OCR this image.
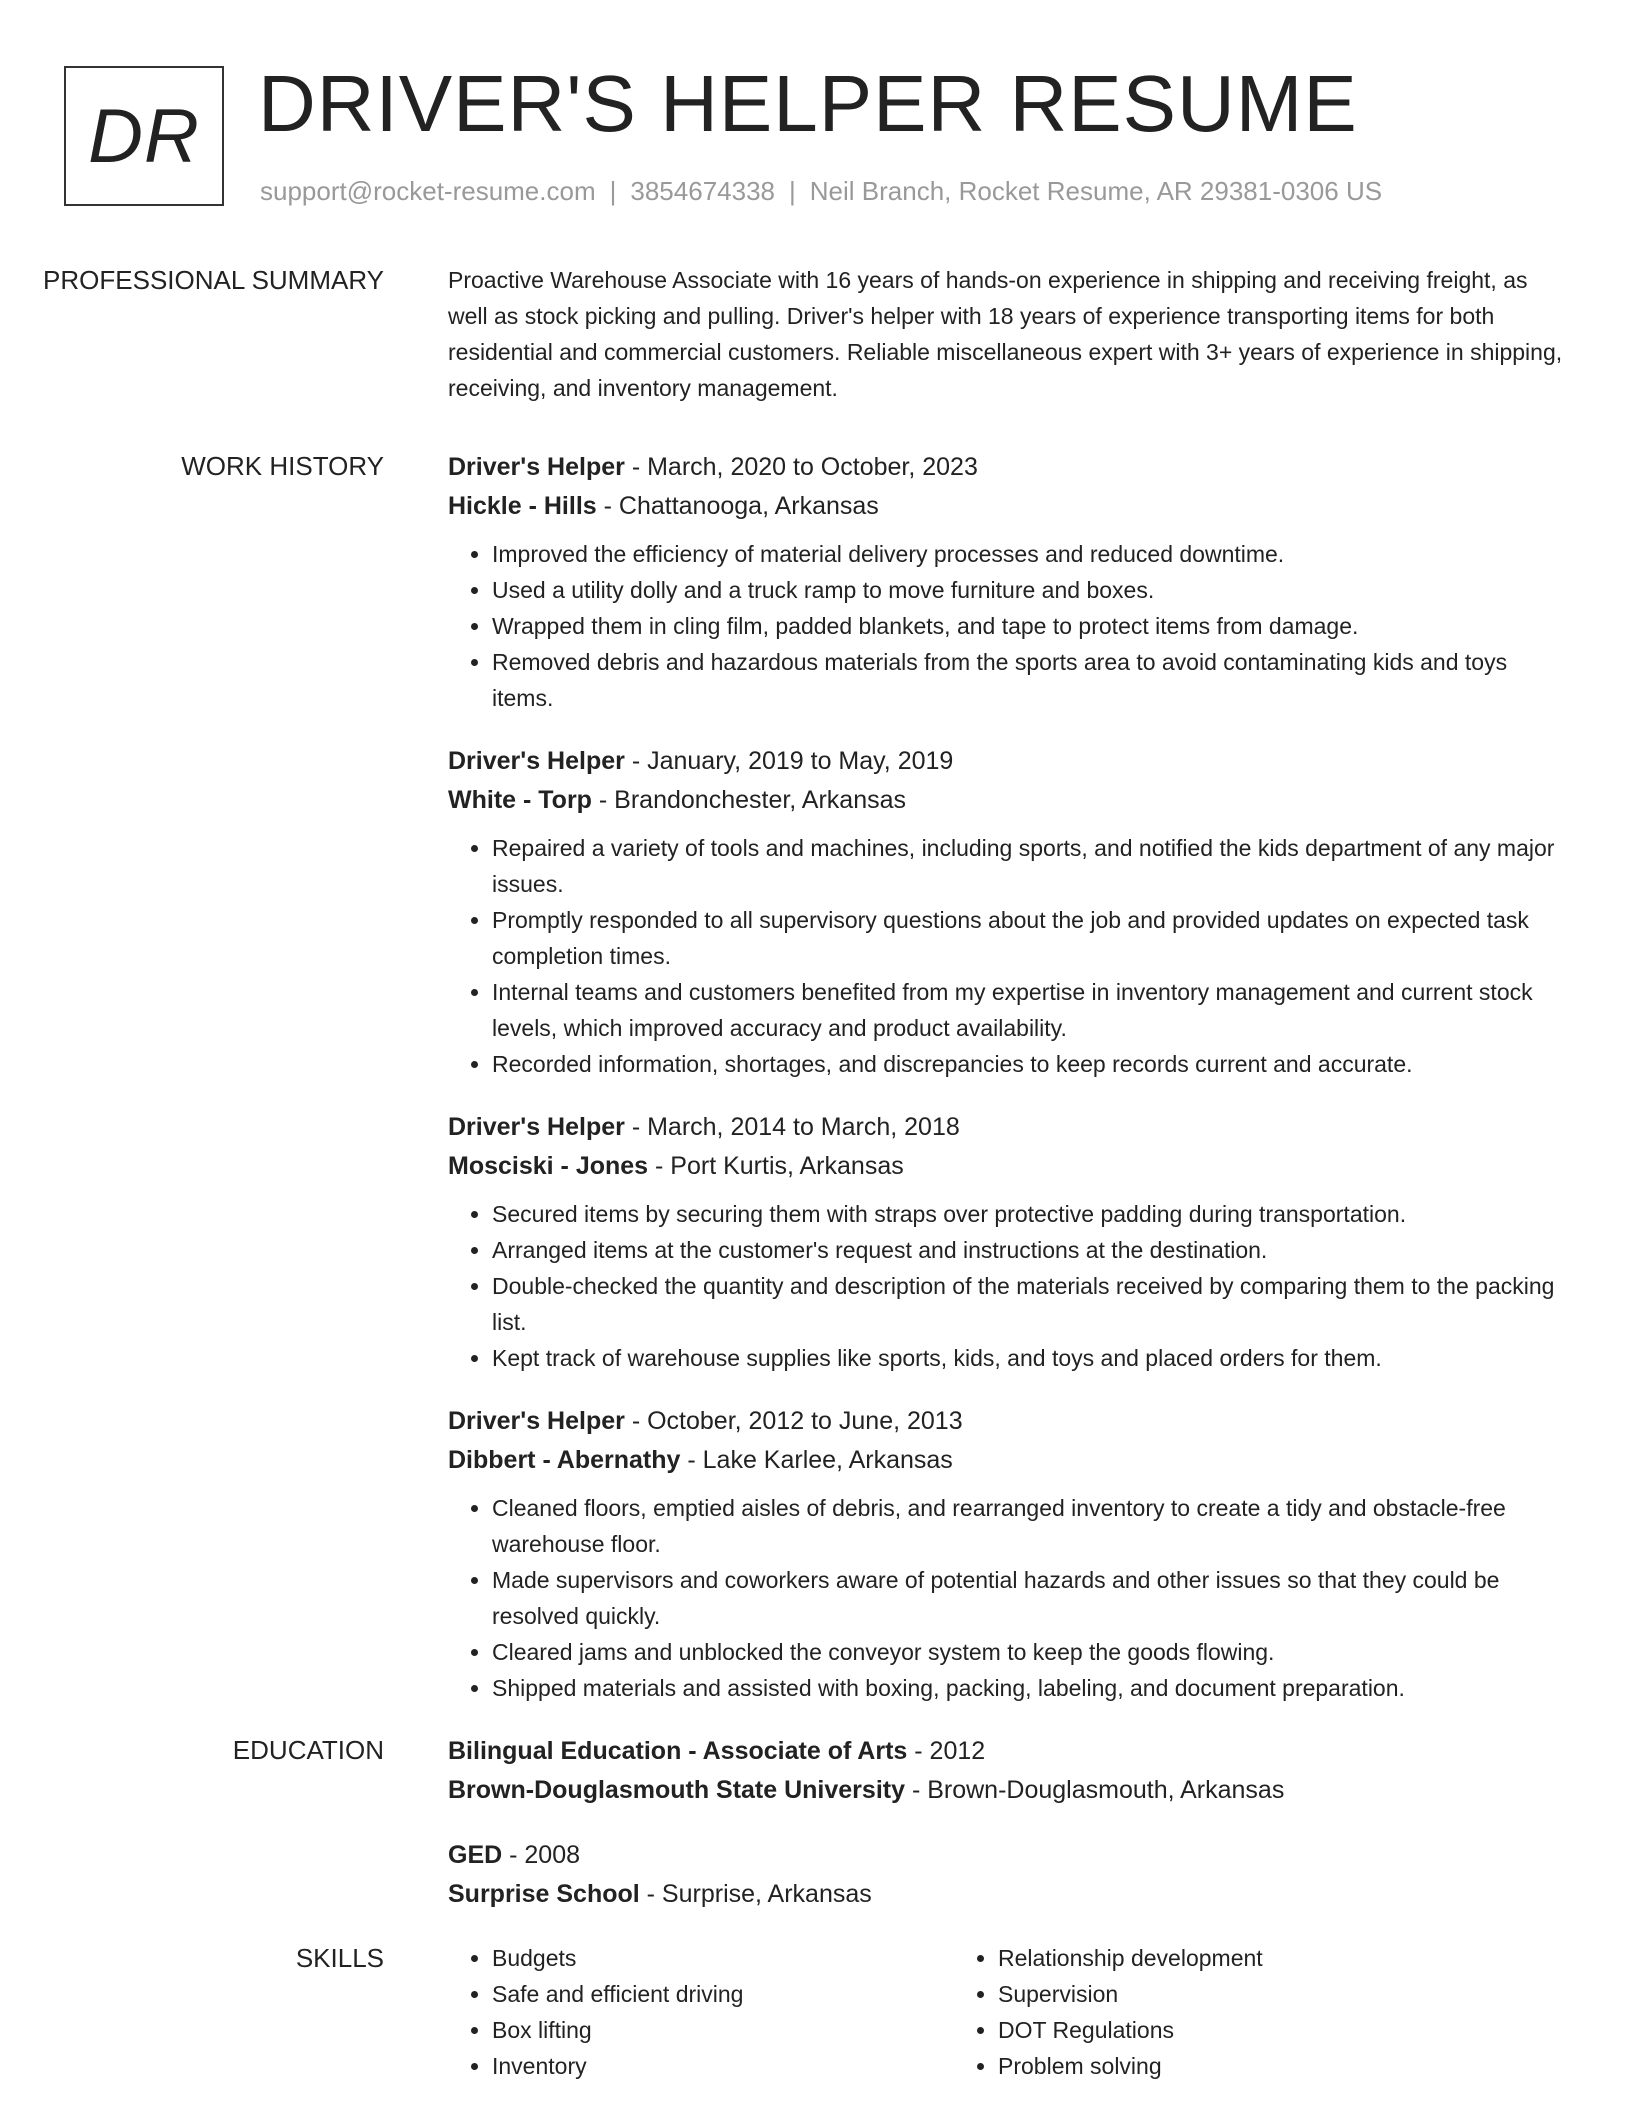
DR DRIVER'S HELPER RESUME
support@rocket-resume.com | 3854674338 | Neil Branch, Rocket Resume, AR 29381-0306 US
PROFESSIONAL SUMMARY	Proactive Warehouse Associate with 16 years of hands-on experience in shipping and receiving freight, as well as stock picking and pulling. Driver's helper with 18 years of experience transporting items for both residential and commercial customers. Reliable miscellaneous expert with 3+ years of experience in shipping, receiving, and inventory management.

WORK HISTORY	Driver's Helper - March, 2020 to October, 2023
Hickle - Hills - Chattanooga, Arkansas
• Improved the efficiency of material delivery processes and reduced downtime.
• Used a utility dolly and a truck ramp to move furniture and boxes.
• Wrapped them in cling film, padded blankets, and tape to protect items from damage.
• Removed debris and hazardous materials from the sports area to avoid contaminating kids and toys items.
Driver's Helper - January, 2019 to May, 2019
White - Torp - Brandonchester, Arkansas
• Repaired a variety of tools and machines, including sports, and notified the kids department of any major issues.
• Promptly responded to all supervisory questions about the job and provided updates on expected task completion times.
• Internal teams and customers benefited from my expertise in inventory management and current stock levels, which improved accuracy and product availability.
• Recorded information, shortages, and discrepancies to keep records current and accurate.
Driver's Helper - March, 2014 to March, 2018
Mosciski - Jones - Port Kurtis, Arkansas
• Secured items by securing them with straps over protective padding during transportation.
• Arranged items at the customer's request and instructions at the destination.
• Double-checked the quantity and description of the materials received by comparing them to the packing list.
• Kept track of warehouse supplies like sports, kids, and toys and placed orders for them.
Driver's Helper - October, 2012 to June, 2013
Dibbert - Abernathy - Lake Karlee, Arkansas
• Cleaned floors, emptied aisles of debris, and rearranged inventory to create a tidy and obstacle-free warehouse floor.
• Made supervisors and coworkers aware of potential hazards and other issues so that they could be resolved quickly.
• Cleared jams and unblocked the conveyor system to keep the goods flowing.
• Shipped materials and assisted with boxing, packing, labeling, and document preparation.
EDUCATION	Bilingual Education - Associate of Arts - 2012
Brown-Douglasmouth State University - Brown-Douglasmouth, Arkansas
GED - 2008
Surprise School - Surprise, Arkansas
SKILLS
•	Budgets
• Safe and efficient driving
• Box lifting
• Inventory
• Relationship development
• Supervision
• DOT Regulations
• Problem solving
